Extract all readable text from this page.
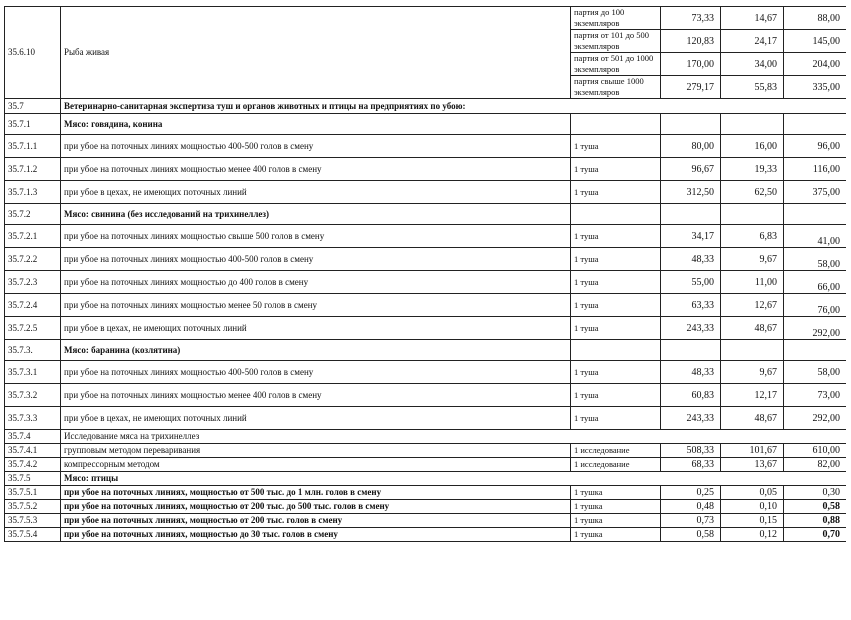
35.6.10	Рыба живая	партия до 100 экземпляров	73,33	14,67	88,00
		партия от 101 до 500 экземпляров	120,83	24,17	145,00
		партия от 501 до 1000 экземпляров	170,00	34,00	204,00
		партия свыше 1000 экземпляров	279,17	55,83	335,00
35.7	Ветеринарно-санитарная экспертиза туш и органов животных и птицы на предприятиях по убою:				
35.7.1	Мясо: говядина, конина				
35.7.1.1	при убое на поточных линиях мощностью 400-500 голов в смену	1 туша	80,00	16,00	96,00
35.7.1.2	при убое на поточных линиях мощностью менее 400 голов в смену	1 туша	96,67	19,33	116,00
35.7.1.3	при убое в цехах, не имеющих поточных линий	1 туша	312,50	62,50	375,00
35.7.2	Мясо: свинина (без исследований на трихинеллез)				
35.7.2.1	при убое на поточных линиях мощностью свыше 500 голов в смену	1 туша	34,17	6,83	41,00
35.7.2.2	при убое на поточных линиях мощностью 400-500 голов в смену	1 туша	48,33	9,67	58,00
35.7.2.3	при убое на поточных линиях мощностью до 400 голов в смену	1 туша	55,00	11,00	66,00
35.7.2.4	при убое на поточных линиях мощностью менее 50 голов в смену	1 туша	63,33	12,67	76,00
35.7.2.5	при убое в цехах, не имеющих поточных линий	1 туша	243,33	48,67	292,00
35.7.3.	Мясо: баранина (козлятина)				
35.7.3.1	при убое на поточных линиях мощностью 400-500 голов в смену	1 туша	48,33	9,67	58,00
35.7.3.2	при убое на поточных линиях мощностью менее 400 голов в смену	1 туша	60,83	12,17	73,00
35.7.3.3	при убое в цехах, не имеющих поточных линий	1 туша	243,33	48,67	292,00
35.7.4	Исследование мяса на трихинеллез				
35.7.4.1	групповым методом переваривания	1 исследование	508,33	101,67	610,00
35.7.4.2	компрессорным методом	1 исследование	68,33	13,67	82,00
35.7.5	Мясо: птицы				
35.7.5.1	при убое на поточных линиях, мощностью от 500 тыс. до 1 млн. голов в смену	1 тушка	0,25	0,05	0,30
35.7.5.2	при убое на поточных линиях, мощностью от 200 тыс. до 500 тыс. голов в смену	1 тушка	0,48	0,10	0,58
35.7.5.3	при убое на поточных линиях, мощностью от 200 тыс. голов в смену	1 тушка	0,73	0,15	0,88
35.7.5.4	при убое на поточных линиях, мощностью до 30 тыс. голов в смену	1 тушка	0,58	0,12	0,70
